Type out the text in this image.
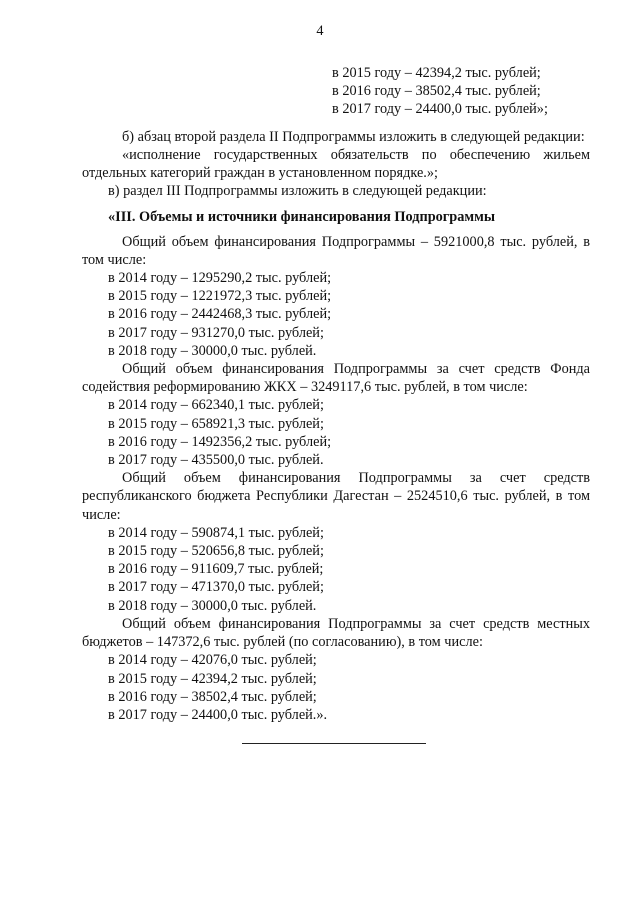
4
в 2015 году – 42394,2 тыс. рублей;
в 2016 году – 38502,4 тыс. рублей;
в 2017 году – 24400,0 тыс. рублей»;
б) абзац второй раздела II Подпрограммы изложить в следующей редакции:
«исполнение государственных обязательств по обеспечению жильем отдельных категорий граждан в установленном порядке.»;
в) раздел III Подпрограммы изложить в следующей редакции:
«III. Объемы и источники финансирования Подпрограммы
Общий объем финансирования Подпрограммы – 5921000,8 тыс. рублей, в том числе:
в 2014 году – 1295290,2 тыс. рублей;
в 2015 году – 1221972,3 тыс. рублей;
в 2016 году – 2442468,3 тыс. рублей;
в 2017 году – 931270,0 тыс. рублей;
в 2018 году – 30000,0 тыс. рублей.
Общий объем финансирования Подпрограммы за счет средств Фонда содействия реформированию ЖКХ – 3249117,6 тыс. рублей, в том числе:
в 2014 году – 662340,1 тыс. рублей;
в 2015 году – 658921,3 тыс. рублей;
в 2016 году – 1492356,2 тыс. рублей;
в 2017 году – 435500,0 тыс. рублей.
Общий объем финансирования Подпрограммы за счет средств республиканского бюджета Республики Дагестан – 2524510,6 тыс. рублей, в том числе:
в 2014 году – 590874,1 тыс. рублей;
в 2015 году – 520656,8 тыс. рублей;
в 2016 году – 911609,7 тыс. рублей;
в 2017 году – 471370,0 тыс. рублей;
в 2018 году – 30000,0 тыс. рублей.
Общий объем финансирования Подпрограммы за счет средств местных бюджетов – 147372,6 тыс. рублей (по согласованию), в том числе:
в 2014 году – 42076,0 тыс. рублей;
в 2015 году – 42394,2 тыс. рублей;
в 2016 году – 38502,4 тыс. рублей;
в 2017 году – 24400,0 тыс. рублей.».
